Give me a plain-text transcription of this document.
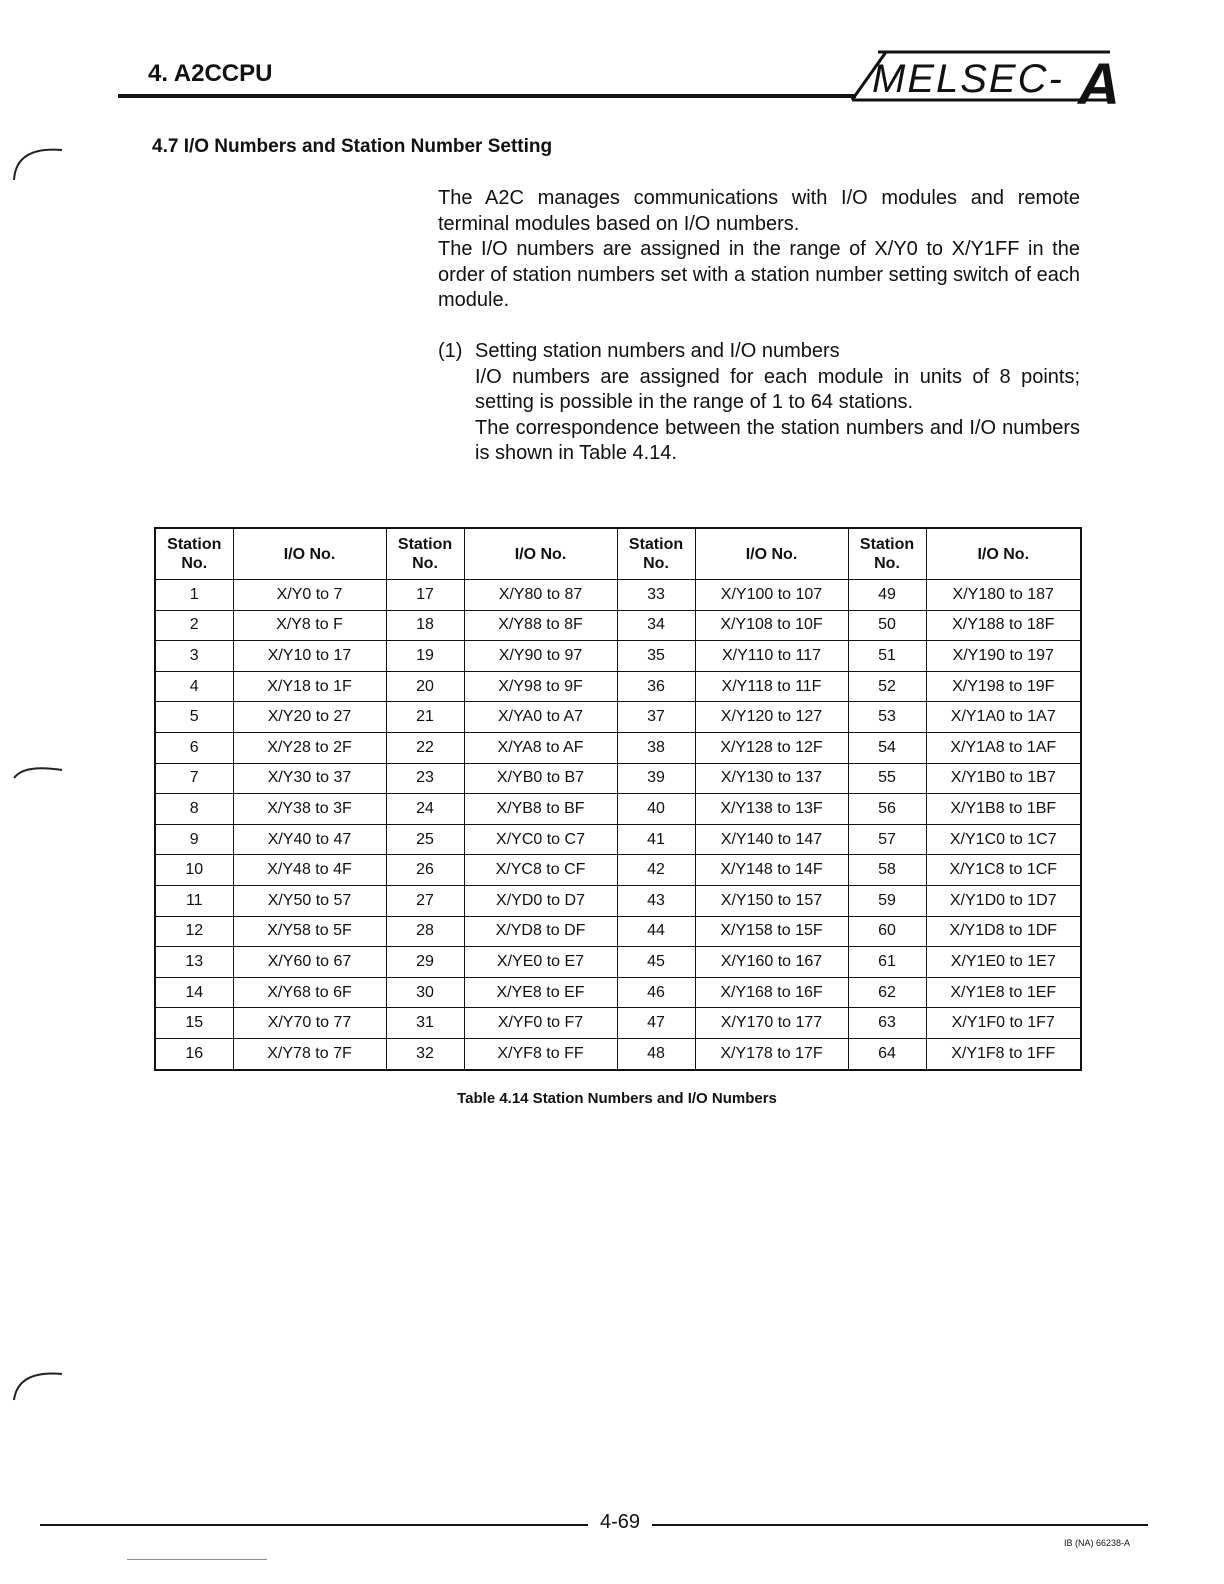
4. A2CCPU	MELSEC- A
4.7 I/O Numbers and Station Number Setting

The A2C manages communications with I/O modules and remote terminal modules based on I/O numbers.

The I/O numbers are assigned in the range of X/Y0 to X/Y1FF in the order of station numbers set with a station number setting switch of each module.

(1) Setting station numbers and I/O numbers
I/O numbers are assigned for each module in units of 8 points; setting is possible in the range of 1 to 64 stations.
The correspondence between the station numbers and I/O numbers is shown in Table 4.14.
Station No.	I/O No.	Station No.	I/O No.	Station No.	I/O No.	Station No.	I/O No.
1	X/Y0 to 7	17	X/Y80 to 87	33	X/Y100 to 107	49	X/Y180 to 187
2	X/Y8 to F	18	X/Y88 to 8F	34	X/Y108 to 10F	50	X/Y188 to 18F
3	X/Y10 to 17	19	X/Y90 to 97	35	X/Y110 to 117	51	X/Y190 to 197
4	X/Y18 to 1F	20	X/Y98 to 9F	36	X/Y118 to 11F	52	X/Y198 to 19F
5	X/Y20 to 27	21	X/YA0 to A7	37	X/Y120 to 127	53	X/Y1A0 to 1A7
6	X/Y28 to 2F	22	X/YA8 to AF	38	X/Y128 to 12F	54	X/Y1A8 to 1AF
7	X/Y30 to 37	23	X/YB0 to B7	39	X/Y130 to 137	55	X/Y1B0 to 1B7
8	X/Y38 to 3F	24	X/YB8 to BF	40	X/Y138 to 13F	56	X/Y1B8 to 1BF
9	X/Y40 to 47	25	X/YC0 to C7	41	X/Y140 to 147	57	X/Y1C0 to 1C7
10	X/Y48 to 4F	26	X/YC8 to CF	42	X/Y148 to 14F	58	X/Y1C8 to 1CF
11	X/Y50 to 57	27	X/YD0 to D7	43	X/Y150 to 157	59	X/Y1D0 to 1D7
12	X/Y58 to 5F	28	X/YD8 to DF	44	X/Y158 to 15F	60	X/Y1D8 to 1DF
13	X/Y60 to 67	29	X/YE0 to E7	45	X/Y160 to 167	61	X/Y1E0 to 1E7
14	X/Y68 to 6F	30	X/YE8 to EF	46	X/Y168 to 16F	62	X/Y1E8 to 1EF
15	X/Y70 to 77	31	X/YF0 to F7	47	X/Y170 to 177	63	X/Y1F0 to 1F7
16	X/Y78 to 7F	32	X/YF8 to FF	48	X/Y178 to 17F	64	X/Y1F8 to 1FF
Table 4.14 Station Numbers and I/O Numbers
4-69
IB (NA) 66238-A
